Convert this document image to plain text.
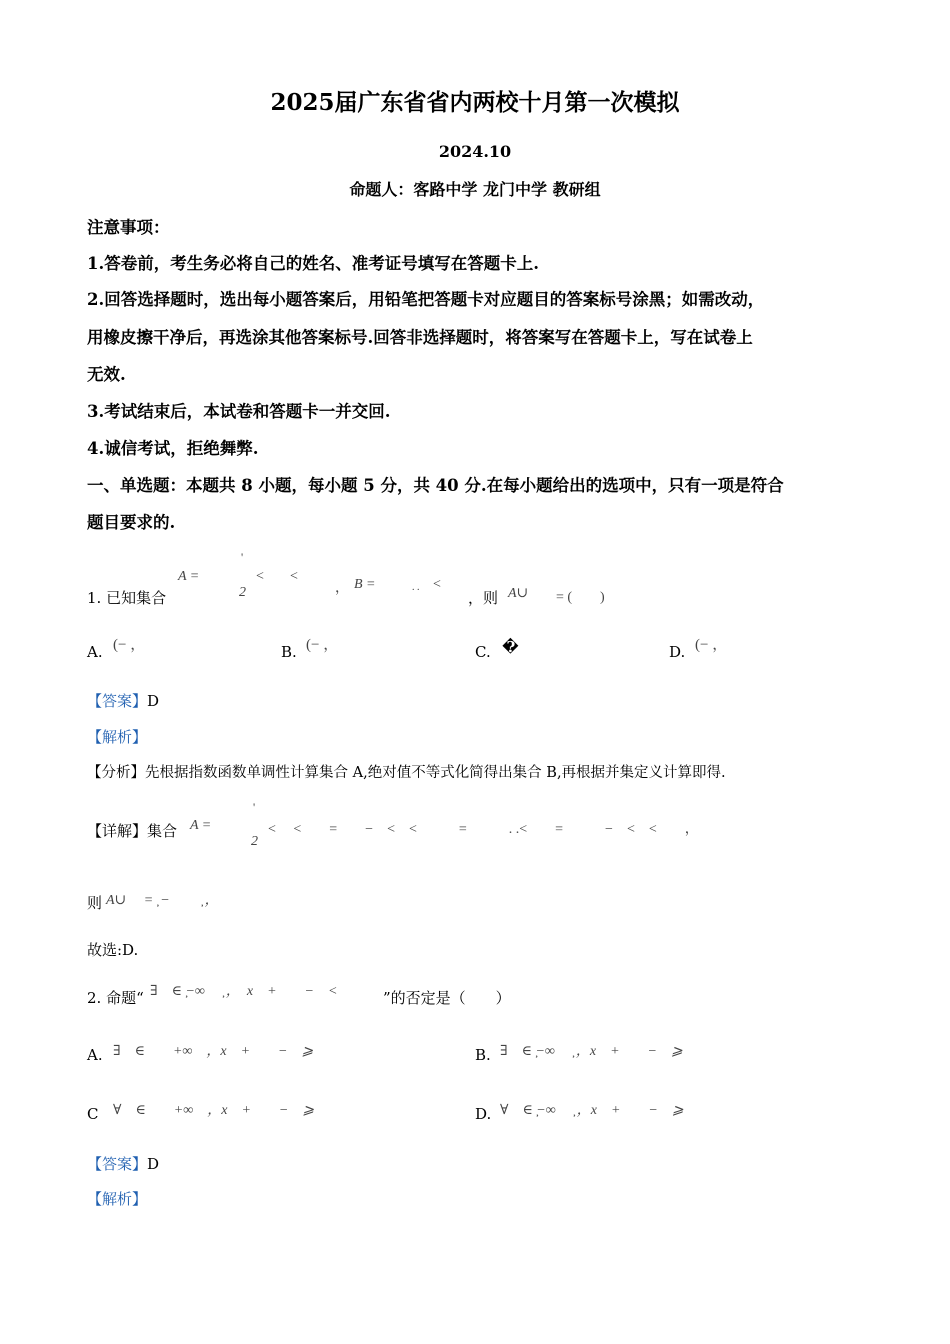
2025届广东省省内两校十月第一次模拟
2024.10
命题人：客路中学 龙门中学 教研组
注意事项：
1.答卷前，考生务必将自己的姓名、准考证号填写在答题卡上.
2.回答选择题时，选出每小题答案后，用铅笔把答题卡对应题目的答案标号涂黑；如需改动，
用橡皮擦干净后，再选涂其他答案标号.回答非选择题时，将答案写在答题卡上，写在试卷上
无效.
3.考试结束后，本试卷和答题卡一并交回.
4.诚信考试，拒绝舞弊.
一、单选题：本题共 8 小题，每小题 5 分，共 40 分.在每小题给出的选项中，只有一项是符合
题目要求的.
1. 已知集合
A =
'
2
< <
， B =	. . <
，则 A∪ = (　　)
A. (− ，	B. (− ，	C. �	D. (− ，
【答案】D
【解析】
【分析】先根据指数函数单调性计算集合 A,绝对值不等式化简得出集合 B,再根据并集定义计算即得.
【详解】集合 A =
'
2
<　 <　　=　　−　<　<　　　=　　　. .<　　=　　　−　<　<　　，
则 A∪　 = ̦ −　　 ̦ ，
故选:D.
2. 命题“ ∃　∈ ̦−∞　 ̦ ，　x　+　　−　<	”的否定是（　　）
A. ∃　∈　　+∞　，x　+　　−　⩾	B. ∃　∈ ̦−∞　 ̦ ，x　+　　−　⩾
C ∀　∈　　+∞　，x　+　　−　⩾	D. ∀　∈ ̦−∞　 ̦ ，x　+　　−　⩾
【答案】D
【解析】
